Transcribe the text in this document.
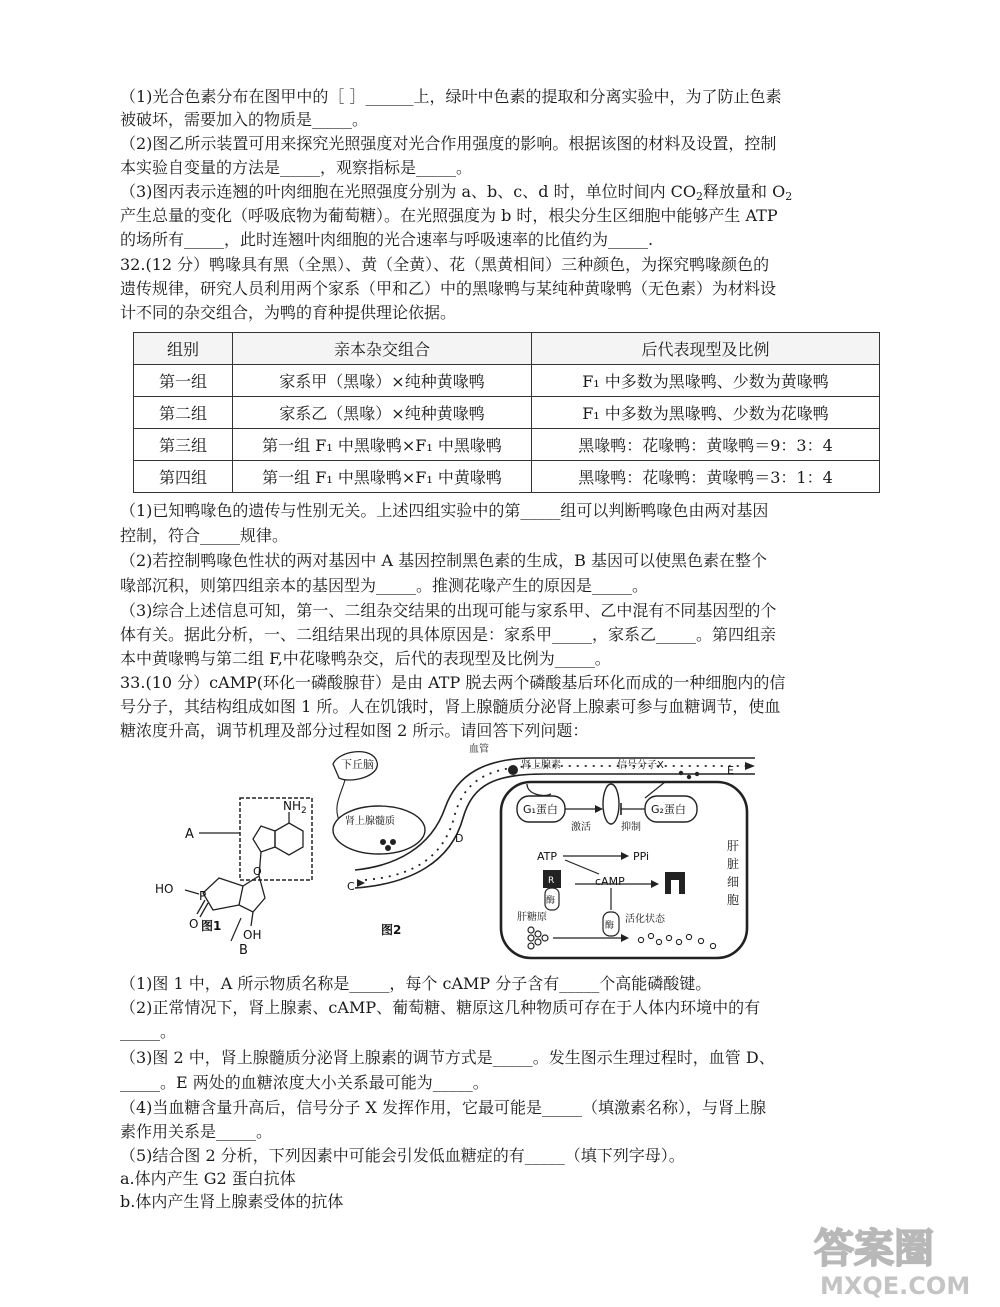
（1)光合色素分布在图甲中的［ ］______上，绿叶中色素的提取和分离实验中，为了防止色素
被破坏，需要加入的物质是_____。
（2)图乙所示装置可用来探究光照强度对光合作用强度的影响。根据该图的材料及设置，控制
本实验自变量的方法是_____，观察指标是_____。
（3)图丙表示连翘的叶肉细胞在光照强度分别为 a、b、c、d 时，单位时间内 $CO_2$释放量和 $O_2$
产生总量的变化（呼吸底物为葡萄糖）。在光照强度为 b 时，根尖分生区细胞中能够产生 ATP
的场所有_____，此时连翘叶肉细胞的光合速率与呼吸速率的比值约为_____.
32.(12 分）鸭喙具有黑（全黑）、黄（全黄）、花（黑黄相间）三种颜色，为探究鸭喙颜色的
遗传规律，研究人员利用两个家系（甲和乙）中的黑喙鸭与某纯种黄喙鸭（无色素）为材料设
计不同的杂交组合，为鸭的育种提供理论依据。
组别	亲本杂交组合	后代表现型及比例
第一组	家系甲（黑喙）×纯种黄喙鸭	F₁ 中多数为黑喙鸭、少数为黄喙鸭
第二组	家系乙（黑喙）×纯种黄喙鸭	F₁ 中多数为黑喙鸭、少数为花喙鸭
第三组	第一组 F₁ 中黑喙鸭×F₁ 中黑喙鸭	黑喙鸭：花喙鸭：黄喙鸭＝9：3：4
第四组	第一组 F₁ 中黑喙鸭×F₁ 中黄喙鸭	黑喙鸭：花喙鸭：黄喙鸭＝3：1：4
（1)已知鸭喙色的遗传与性别无关。上述四组实验中的第_____组可以判断鸭喙色由两对基因
控制，符合_____规律。
（2)若控制鸭喙色性状的两对基因中 A 基因控制黑色素的生成，B 基因可以使黑色素在整个
喙部沉积，则第四组亲本的基因型为_____。推测花喙产生的原因是_____。
（3)综合上述信息可知，第一、二组杂交结果的出现可能与家系甲、乙中混有不同基因型的个
体有关。据此分析，一、二组结果出现的具体原因是：家系甲_____，家系乙_____。第四组亲
本中黄喙鸭与第二组 F,中花喙鸭杂交，后代的表现型及比例为_____。
33.(10 分）cAMP(环化一磷酸腺苷）是由 ATP 脱去两个磷酸基后环化而成的一种细胞内的信
号分子，其结构组成如图 1 所。人在饥饿时，肾上腺髓质分泌肾上腺素可参与血糖调节，使血
糖浓度升高，调节机理及部分过程如图 2 所示。请回答下列问题：
A
$NH_2$
O
OH
B
P
HO
O 图1
下丘脑
肾上腺髓质
血管
C
D
E
肾上腺素	信号分子X
G₁蛋白	G₂蛋白
激活	抑制
ATP	PPi
cAMP
R
酶
R
酶
活化状态
肝糖原
肝
脏
细
胞
图2
（1)图 1 中，A 所示物质名称是_____，每个 cAMP 分子含有_____个高能磷酸键。
（2)正常情况下，肾上腺素、cAMP、葡萄糖、糖原这几种物质可存在于人体内环境中的有
_____。
（3)图 2 中，肾上腺髓质分泌肾上腺素的调节方式是_____。发生图示生理过程时，血管 D、
_____。E 两处的血糖浓度大小关系最可能为_____。
（4)当血糖含量升高后，信号分子 X 发挥作用，它最可能是_____（填激素名称），与肾上腺
素作用关系是_____。
（5)结合图 2 分析，下列因素中可能会引发低血糖症的有_____（填下列字母）。
a.体内产生 G2 蛋白抗体
b.体内产生肾上腺素受体的抗体
答案圈
MXQE.COM
